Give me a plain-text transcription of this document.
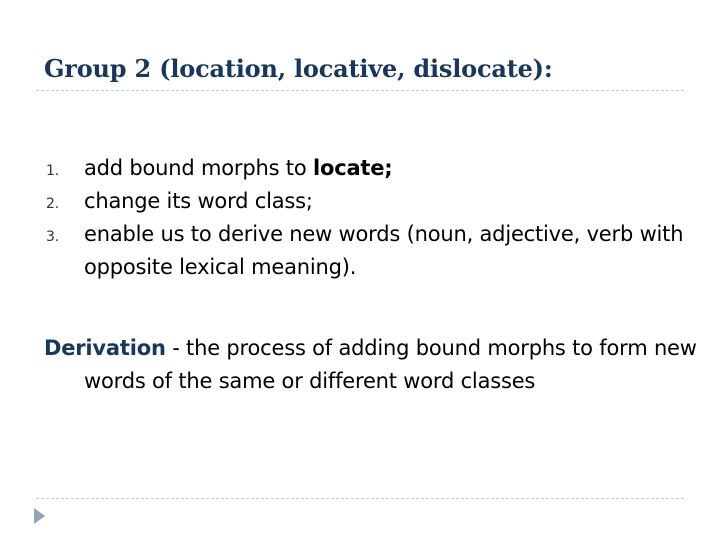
Group 2 (location, locative, dislocate):
1. add bound morphs to locate;
2. change its word class;
3. enable us to derive new words (noun, adjective, verb with opposite lexical meaning).
Derivation - the process of adding bound morphs to form new words of the same or different word classes
